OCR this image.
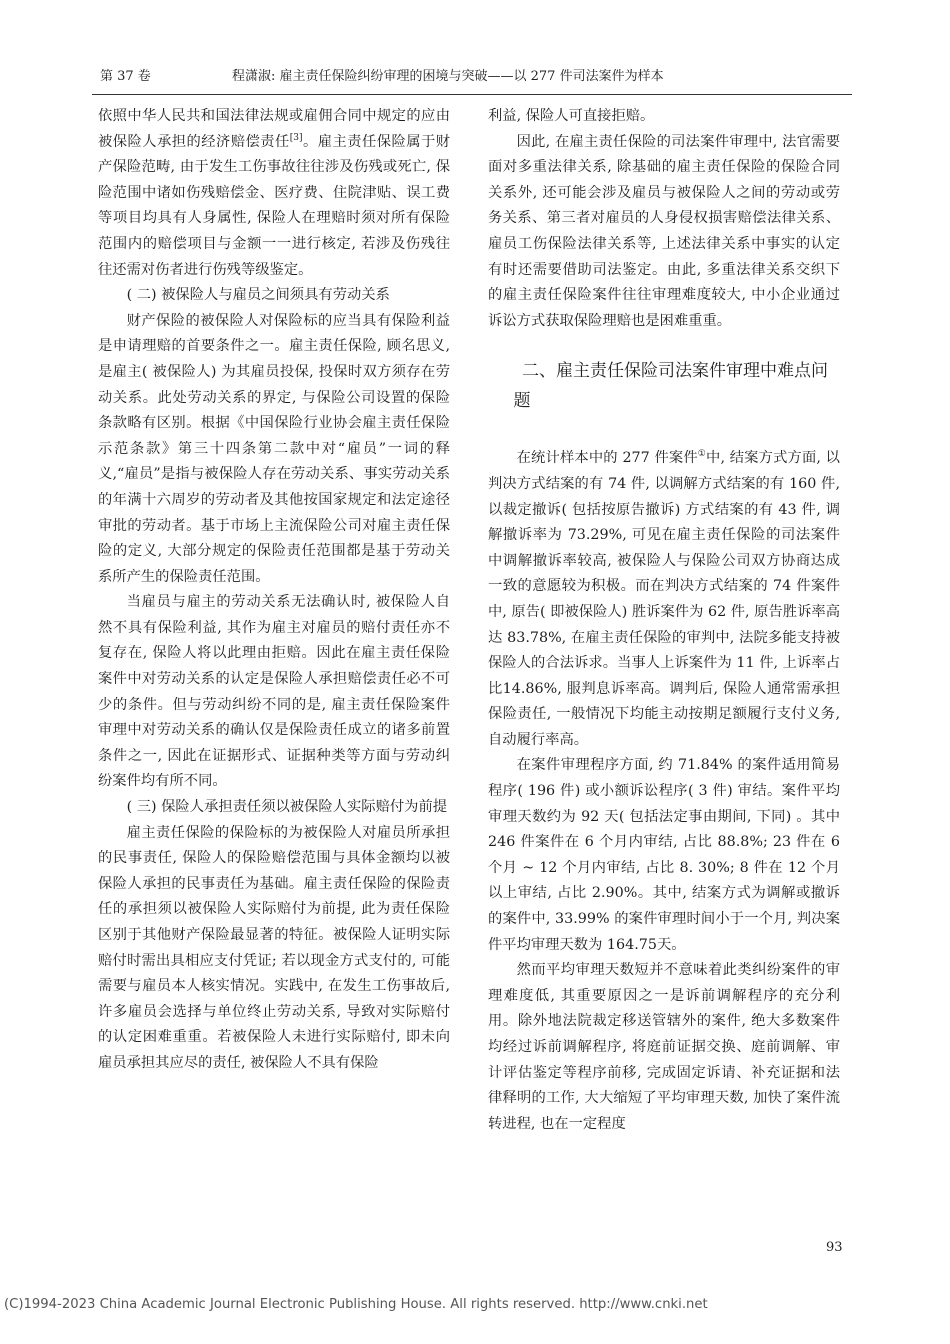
第 37 卷	程潇淑: 雇主责任保险纠纷审理的困境与突破——以 277 件司法案件为样本

依照中华人民共和国法律法规或雇佣合同中规定的应由被保险人承担的经济赔偿责任[3]。雇主责任保险属于财产保险范畴, 由于发生工伤事故往往涉及伤残或死亡, 保险范围中诸如伤残赔偿金、医疗费、住院津贴、误工费等项目均具有人身属性, 保险人在理赔时须对所有保险范围内的赔偿项目与金额一一进行核定, 若涉及伤残往往还需对伤者进行伤残等级鉴定。

( 二) 被保险人与雇员之间须具有劳动关系

财产保险的被保险人对保险标的应当具有保险利益是申请理赔的首要条件之一。雇主责任保险, 顾名思义, 是雇主( 被保险人) 为其雇员投保, 投保时双方须存在劳动关系。此处劳动关系的界定, 与保险公司设置的保险条款略有区别。根据《中国保险行业协会雇主责任保险示范条款》第三十四条第二款中对“雇员”一词的释义,“雇员”是指与被保险人存在劳动关系、事实劳动关系的年满十六周岁的劳动者及其他按国家规定和法定途径审批的劳动者。基于市场上主流保险公司对雇主责任保险的定义, 大部分规定的保险责任范围都是基于劳动关系所产生的保险责任范围。

当雇员与雇主的劳动关系无法确认时, 被保险人自然不具有保险利益, 其作为雇主对雇员的赔付责任亦不复存在, 保险人将以此理由拒赔。因此在雇主责任保险案件中对劳动关系的认定是保险人承担赔偿责任必不可少的条件。但与劳动纠纷不同的是, 雇主责任保险案件审理中对劳动关系的确认仅是保险责任成立的诸多前置条件之一, 因此在证据形式、证据种类等方面与劳动纠纷案件均有所不同。

( 三) 保险人承担责任须以被保险人实际赔付为前提

雇主责任保险的保险标的为被保险人对雇员所承担的民事责任, 保险人的保险赔偿范围与具体金额均以被保险人承担的民事责任为基础。雇主责任保险的保险责任的承担须以被保险人实际赔付为前提, 此为责任保险区别于其他财产保险最显著的特征。被保险人证明实际赔付时需出具相应支付凭证; 若以现金方式支付的, 可能需要与雇员本人核实情况。实践中, 在发生工伤事故后, 许多雇员会选择与单位终止劳动关系, 导致对实际赔付的认定困难重重。若被保险人未进行实际赔付, 即未向雇员承担其应尽的责任, 被保险人不具有保险

利益, 保险人可直接拒赔。

因此, 在雇主责任保险的司法案件审理中, 法官需要面对多重法律关系, 除基础的雇主责任保险的保险合同关系外, 还可能会涉及雇员与被保险人之间的劳动或劳务关系、第三者对雇员的人身侵权损害赔偿法律关系、雇员工伤保险法律关系等, 上述法律关系中事实的认定有时还需要借助司法鉴定。由此, 多重法律关系交织下的雇主责任保险案件往往审理难度较大, 中小企业通过诉讼方式获取保险理赔也是困难重重。

二、雇主责任保险司法案件审理中难点问题

在统计样本中的 277 件案件①中, 结案方式方面, 以判决方式结案的有 74 件, 以调解方式结案的有 160 件, 以裁定撤诉( 包括按原告撤诉) 方式结案的有 43 件, 调解撤诉率为 73.29%, 可见在雇主责任保险的司法案件中调解撤诉率较高, 被保险人与保险公司双方协商达成一致的意愿较为积极。而在判决方式结案的 74 件案件中, 原告( 即被保险人) 胜诉案件为 62 件, 原告胜诉率高达 83.78%, 在雇主责任保险的审判中, 法院多能支持被保险人的合法诉求。当事人上诉案件为 11 件, 上诉率占比14.86%, 服判息诉率高。调判后, 保险人通常需承担保险责任, 一般情况下均能主动按期足额履行支付义务, 自动履行率高。

在案件审理程序方面, 约 71.84% 的案件适用简易程序( 196 件) 或小额诉讼程序( 3 件) 审结。案件平均审理天数约为 92 天( 包括法定事由期间, 下同) 。其中 246 件案件在 6 个月内审结, 占比 88.8%; 23 件在 6 个月 ~ 12 个月内审结, 占比 8. 30%; 8 件在 12 个月以上审结, 占比 2.90%。其中, 结案方式为调解或撤诉的案件中, 33.99% 的案件审理时间小于一个月, 判决案件平均审理天数为 164.75天。

然而平均审理天数短并不意味着此类纠纷案件的审理难度低, 其重要原因之一是诉前调解程序的充分利用。除外地法院裁定移送管辖外的案件, 绝大多数案件均经过诉前调解程序, 将庭前证据交换、庭前调解、审计评估鉴定等程序前移, 完成固定诉请、补充证据和法律释明的工作, 大大缩短了平均审理天数, 加快了案件流转进程, 也在一定程度

93
(C)1994-2023 China Academic Journal Electronic Publishing House. All rights reserved. http://www.cnki.net
